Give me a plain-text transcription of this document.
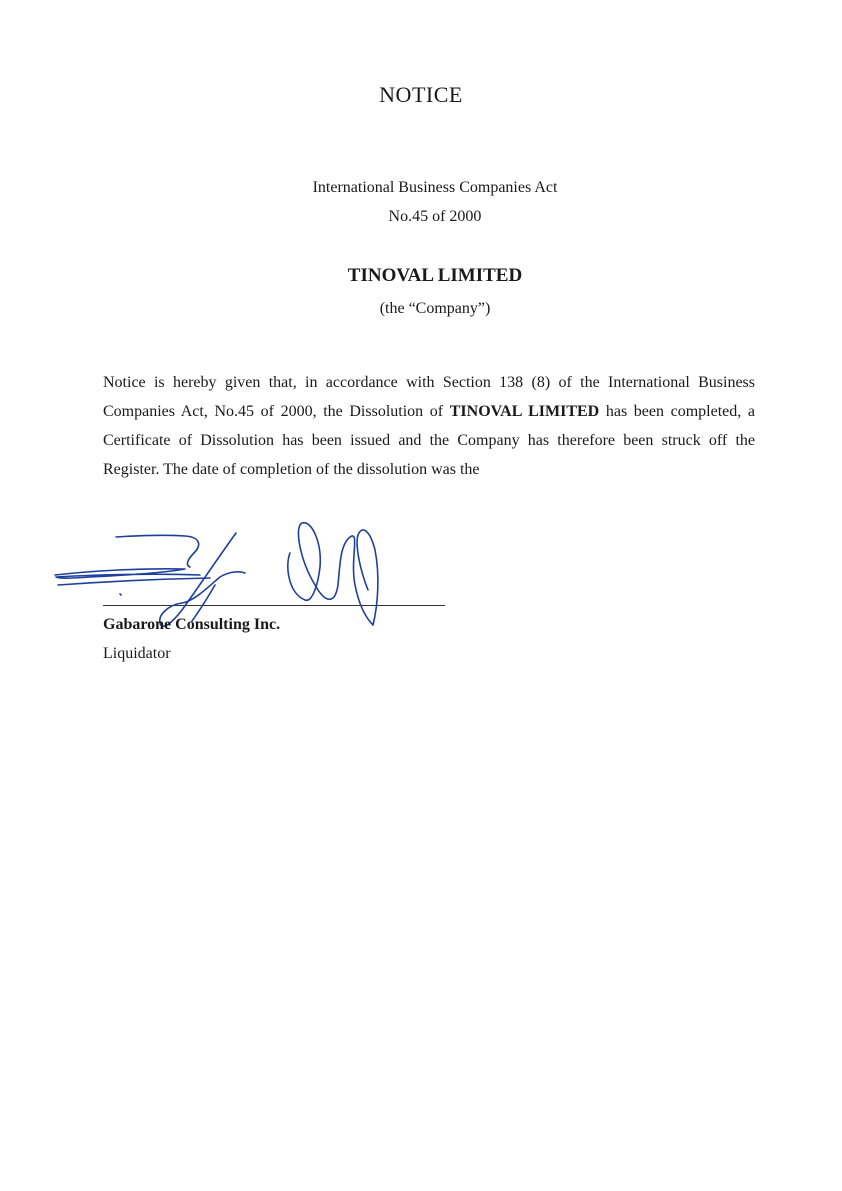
NOTICE
International Business Companies Act
No.45 of 2000
TINOVAL LIMITED
(the “Company”)
Notice is hereby given that, in accordance with Section 138 (8) of the International Business Companies Act, No.45 of 2000, the Dissolution of TINOVAL LIMITED has been completed, a Certificate of Dissolution has been issued and the Company has therefore been struck off the Register. The date of completion of the dissolution was the
Gabarone Consulting Inc.
Liquidator
